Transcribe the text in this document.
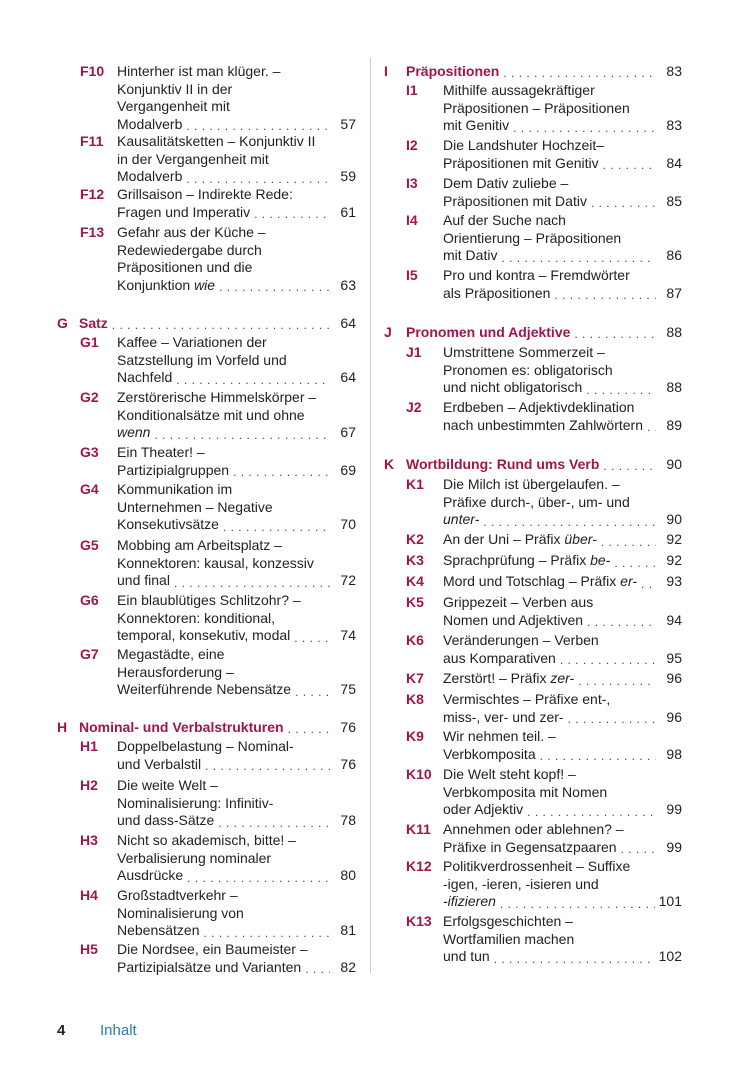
F10 Hinterher ist man klüger. –
Konjunktiv II in der
Vergangenheit mit
Modalverb . . .	57
F11 Kausalitätsketten – Konjunktiv II
in der Vergangenheit mit
Modalverb . . .	59
F12 Grillsaison – Indirekte Rede:
Fragen und Imperativ . . .	61
F13 Gefahr aus der Küche –
Redewiedergabe durch
Präpositionen und die
Konjunktion wie . . .	63
G Satz . . .	64
G1 Kaffee – Variationen der
Satzstellung im Vorfeld und
Nachfeld . . .	64
G2 Zerstörerische Himmelskörper –
Konditionalsätze mit und ohne
wenn . . .	67
G3 Ein Theater! –
Partizipialgruppen . . .	69
G4 Kommunikation im
Unternehmen – Negative
Konsekutivsätze . . .	70
G5 Mobbing am Arbeitsplatz –
Konnektoren: kausal, konzessiv
und final . . .	72
G6 Ein blaublütiges Schlitzohr? –
Konnektoren: konditional,
temporal, konsekutiv, modal . . .	74
G7 Megastädte, eine
Herausforderung –
Weiterführende Nebensätze . . .	75
H Nominal- und Verbalstrukturen . . .	76
H1 Doppelbelastung – Nominal-
und Verbalstil . . .	76
H2 Die weite Welt –
Nominalisierung: Infinitiv-
und dass-Sätze . . .	78
H3 Nicht so akademisch, bitte! –
Verbalisierung nominaler
Ausdrücke . . .	80
H4 Großstadtverkehr –
Nominalisierung von
Nebensätzen . . .	81
H5 Die Nordsee, ein Baumeister –
Partizipialsätze und Varianten . . .	82
I Präpositionen . . .	83
I1 Mithilfe aussagekräftiger
Präpositionen – Präpositionen
mit Genitiv . . .	83
I2 Die Landshuter Hochzeit–
Präpositionen mit Genitiv . . .	84
I3 Dem Dativ zuliebe –
Präpositionen mit Dativ . . .	85
I4 Auf der Suche nach
Orientierung – Präpositionen
mit Dativ . . .	86
I5 Pro und kontra – Fremdwörter
als Präpositionen . . .	87
J Pronomen und Adjektive . . .	88
J1 Umstrittene Sommerzeit –
Pronomen es: obligatorisch
und nicht obligatorisch . . .	88
J2 Erdbeben – Adjektivdeklination
nach unbestimmten Zahlwörtern . . .	89
K Wortbildung: Rund ums Verb . . .	90
K1 Die Milch ist übergelaufen. –
Präfixe durch-, über-, um- und
unter- . . .	90
K2 An der Uni – Präfix über- . . .	92
K3 Sprachprüfung – Präfix be- . . .	92
K4 Mord und Totschlag – Präfix er- . . .	93
K5 Grippezeit – Verben aus
Nomen und Adjektiven . . .	94
K6 Veränderungen – Verben
aus Komparativen . . .	95
K7 Zerstört! – Präfix zer- . . .	96
K8 Vermischtes – Präfixe ent-,
miss-, ver- und zer- . . .	96
K9 Wir nehmen teil. –
Verbkomposita . . .	98
K10 Die Welt steht kopf! –
Verbkomposita mit Nomen
oder Adjektiv . . .	99
K11 Annehmen oder ablehnen? –
Präfixe in Gegensatzpaaren . . .	99
K12 Politikverdrossenheit – Suffixe
-igen, -ieren, -isieren und
-ifizieren . . .	101
K13 Erfolgsgeschichten –
Wortfamilien machen
und tun . . .	102
4 Inhalt
